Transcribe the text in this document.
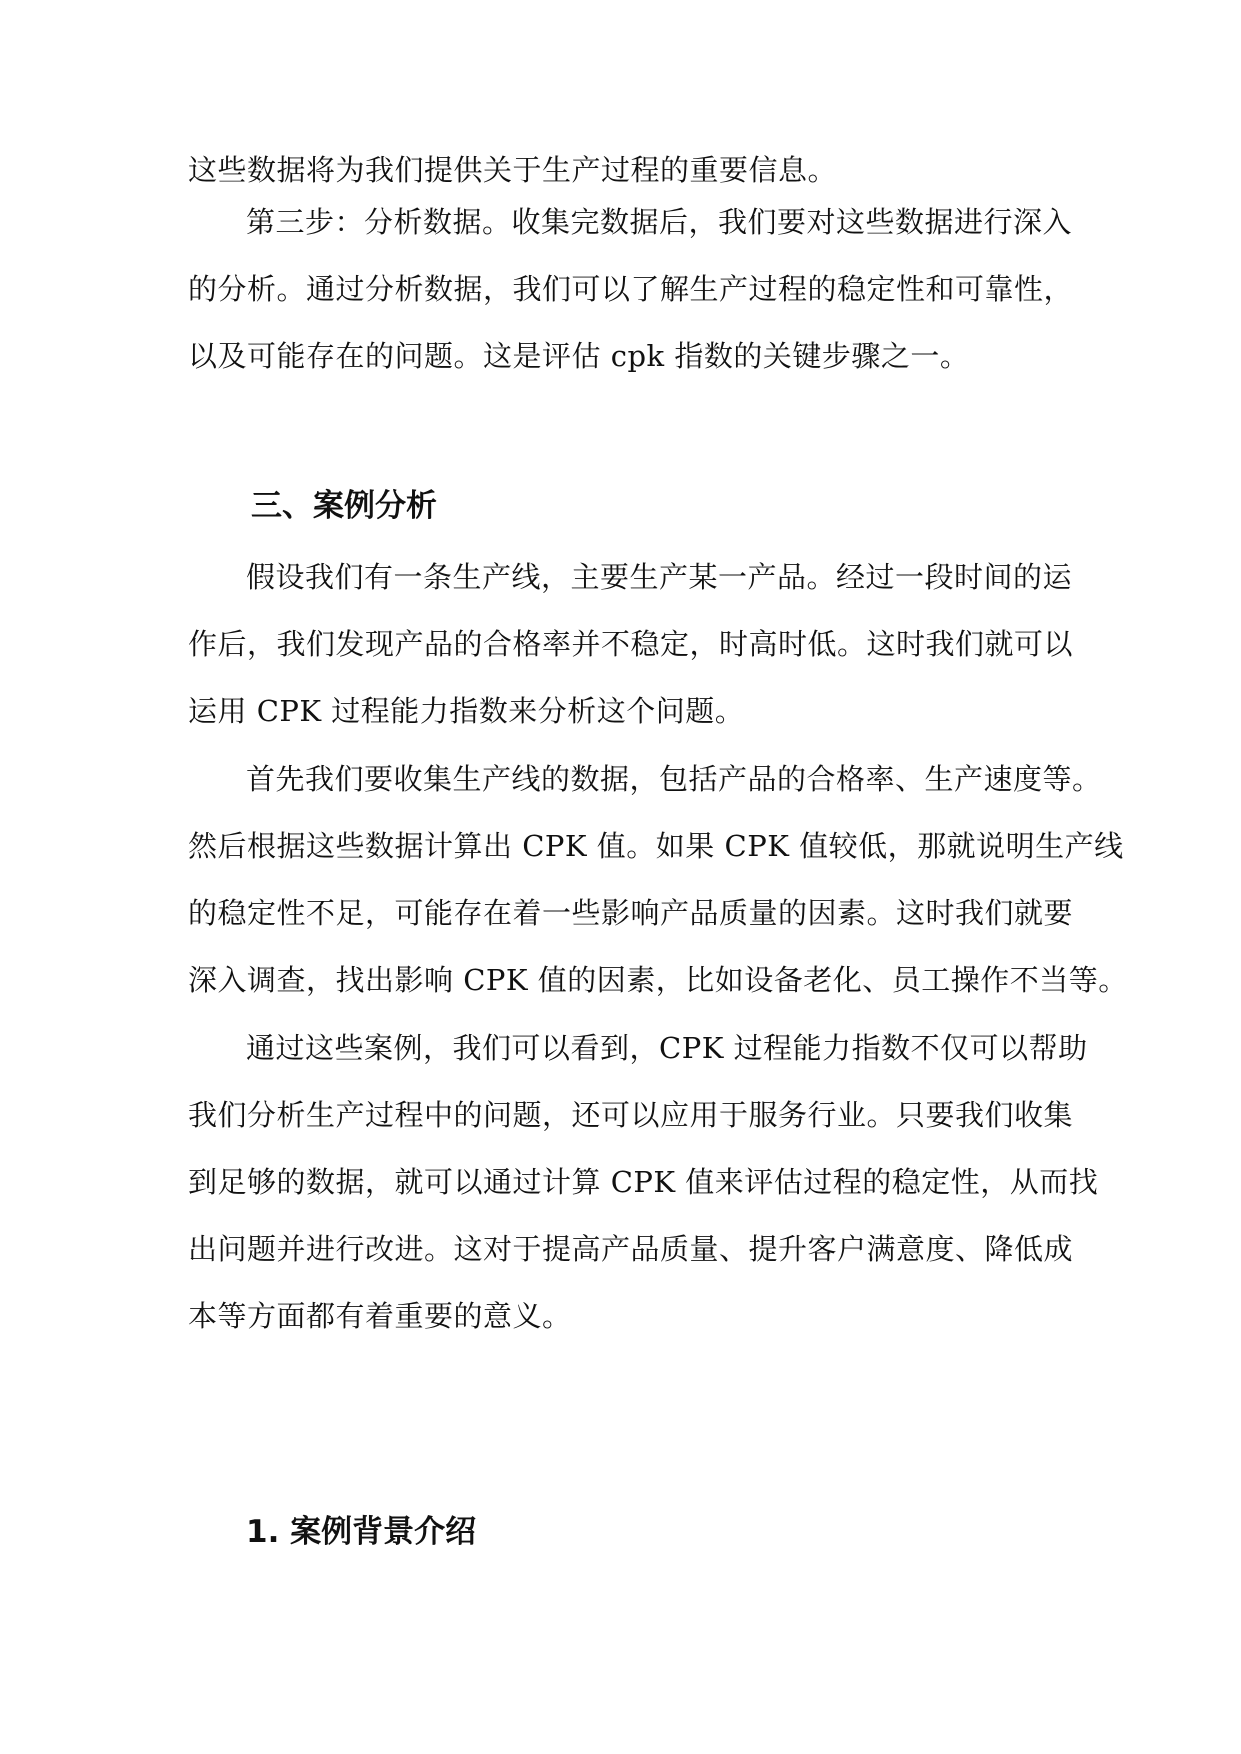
这些数据将为我们提供关于生产过程的重要信息。
第三步：分析数据。收集完数据后，我们要对这些数据进行深入
的分析。通过分析数据，我们可以了解生产过程的稳定性和可靠性，
以及可能存在的问题。这是评估 cpk 指数的关键步骤之一。
三、案例分析
假设我们有一条生产线，主要生产某一产品。经过一段时间的运
作后，我们发现产品的合格率并不稳定，时高时低。这时我们就可以
运用 CPK 过程能力指数来分析这个问题。
首先我们要收集生产线的数据，包括产品的合格率、生产速度等。
然后根据这些数据计算出 CPK 值。如果 CPK 值较低，那就说明生产线
的稳定性不足，可能存在着一些影响产品质量的因素。这时我们就要
深入调查，找出影响 CPK 值的因素，比如设备老化、员工操作不当等。
通过这些案例，我们可以看到，CPK 过程能力指数不仅可以帮助
我们分析生产过程中的问题，还可以应用于服务行业。只要我们收集
到足够的数据，就可以通过计算 CPK 值来评估过程的稳定性，从而找
出问题并进行改进。这对于提高产品质量、提升客户满意度、降低成
本等方面都有着重要的意义。
1. 案例背景介绍
